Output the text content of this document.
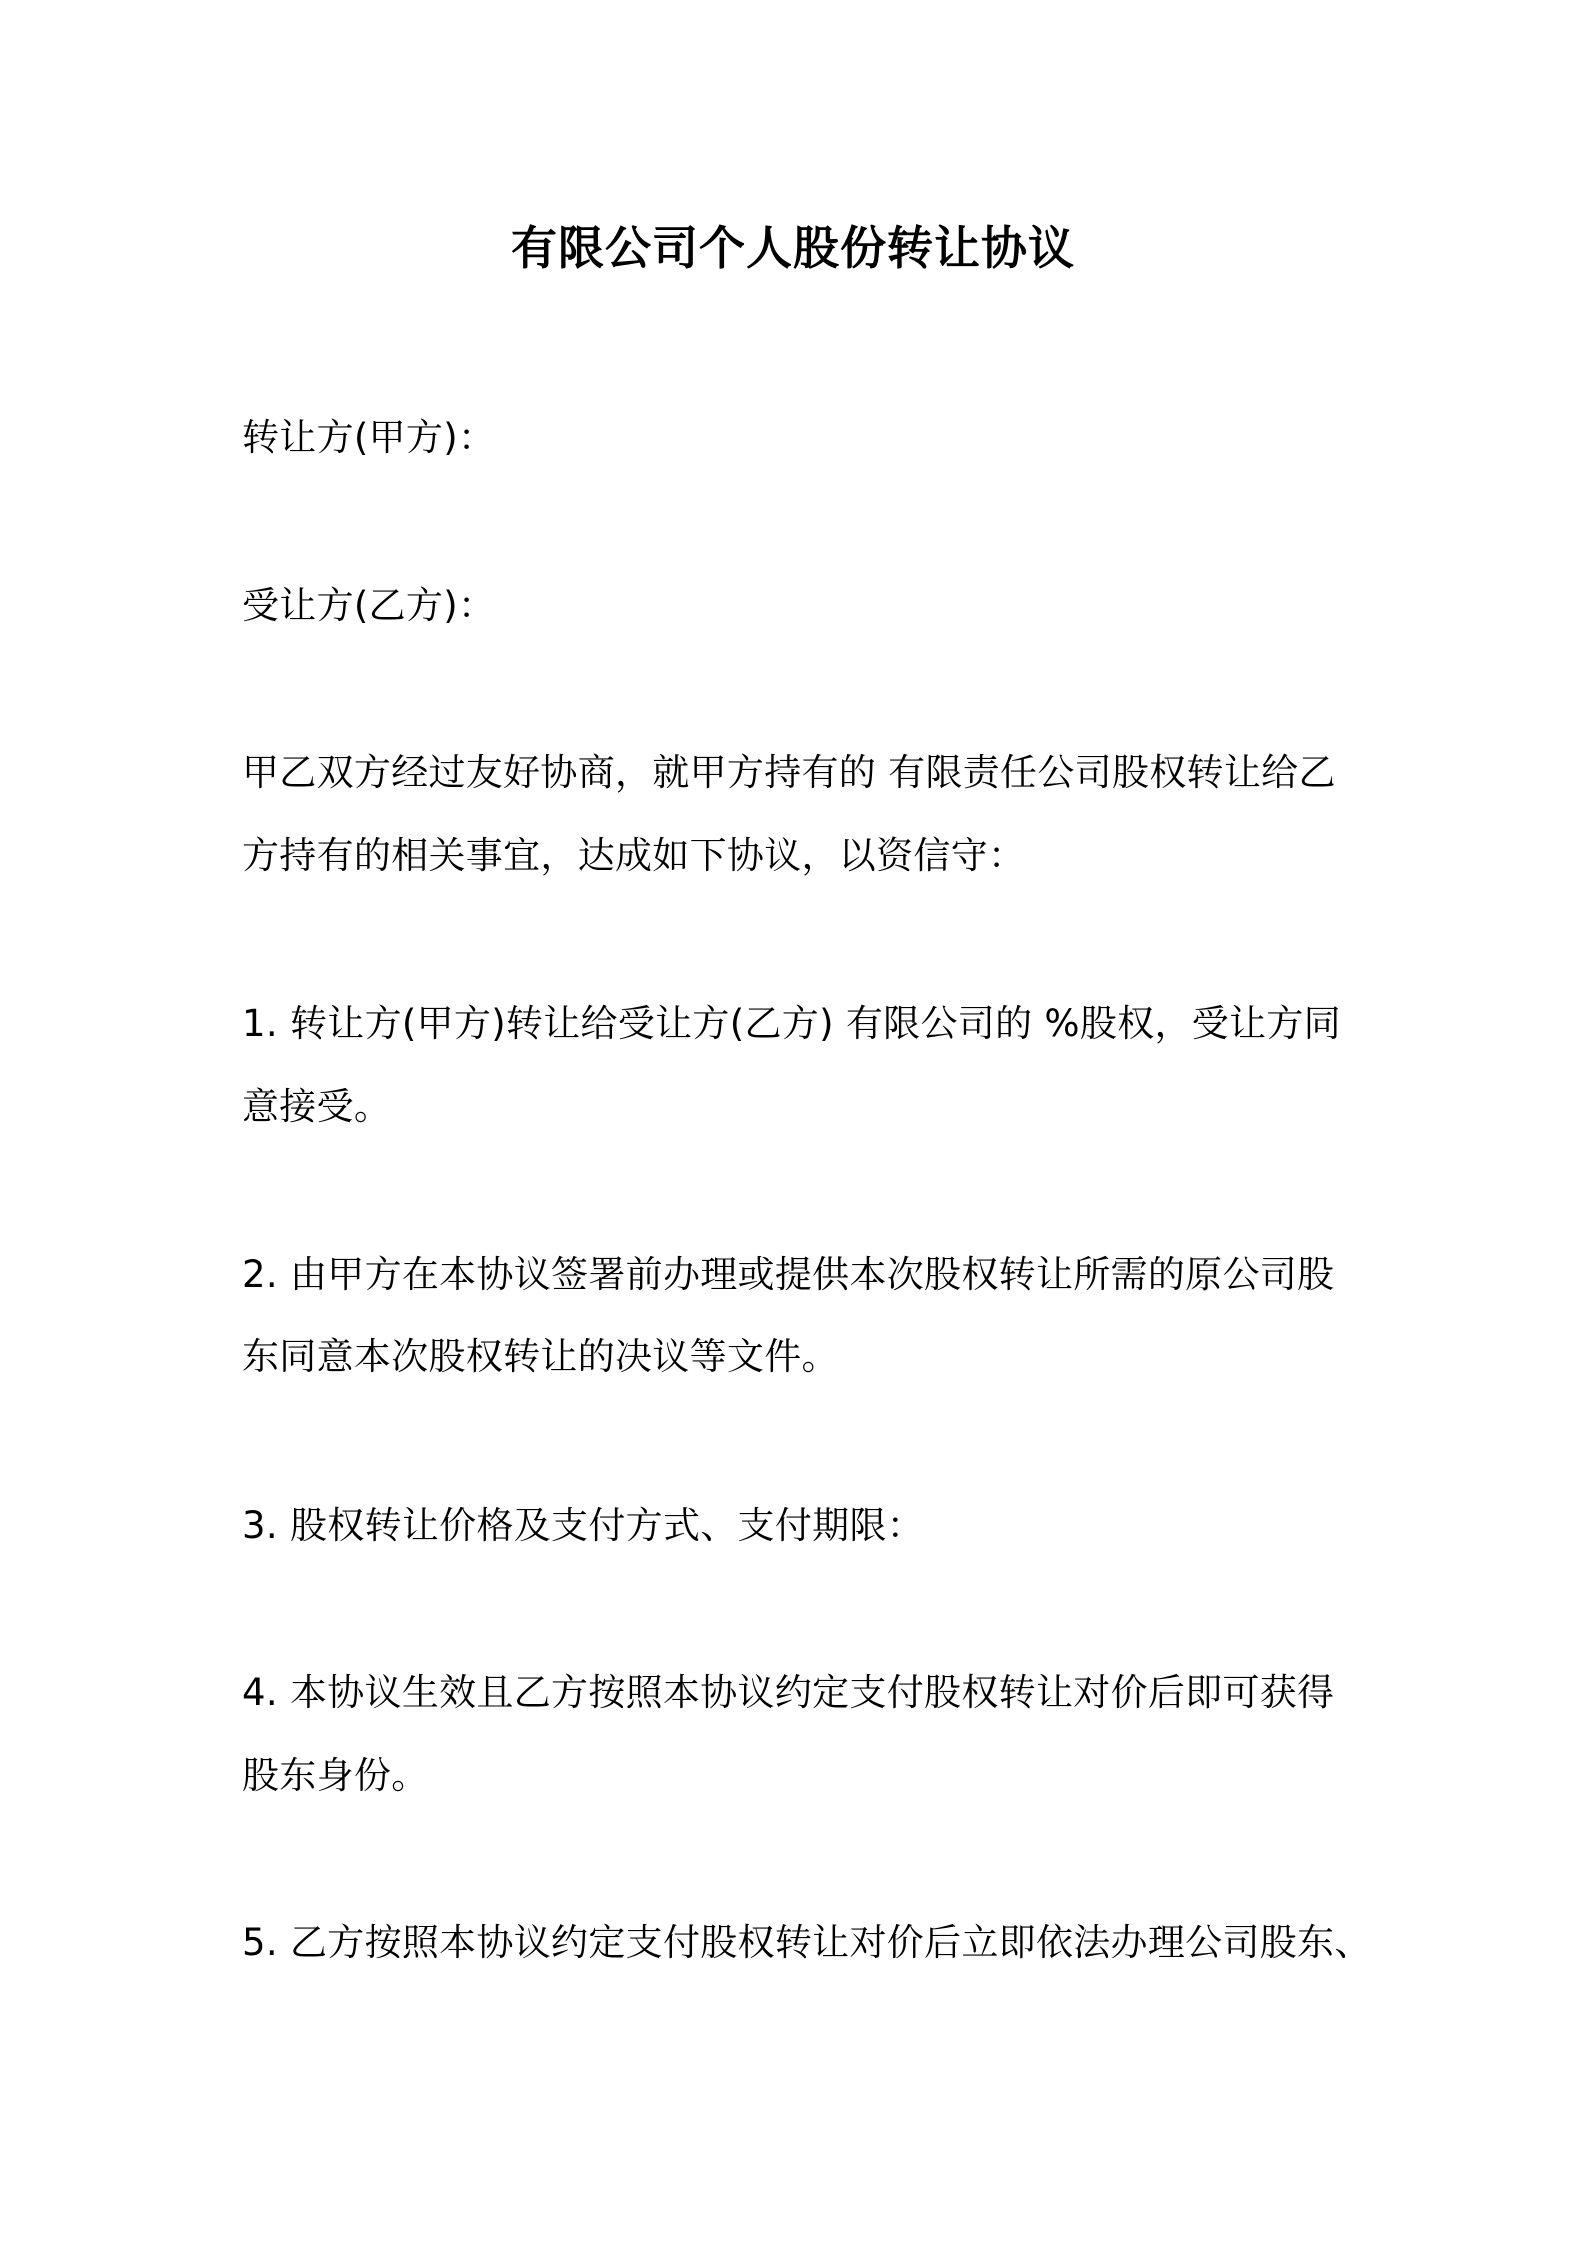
有限公司个人股份转让协议
转让方(甲方)：
受让方(乙方)：
甲乙双方经过友好协商，就甲方持有的 有限责任公司股权转让给乙
方持有的相关事宜，达成如下协议，以资信守：
1. 转让方(甲方)转让给受让方(乙方) 有限公司的 %股权，受让方同
意接受。
2. 由甲方在本协议签署前办理或提供本次股权转让所需的原公司股
东同意本次股权转让的决议等文件。
3. 股权转让价格及支付方式、支付期限：
4. 本协议生效且乙方按照本协议约定支付股权转让对价后即可获得
股东身份。
5. 乙方按照本协议约定支付股权转让对价后立即依法办理公司股东、
